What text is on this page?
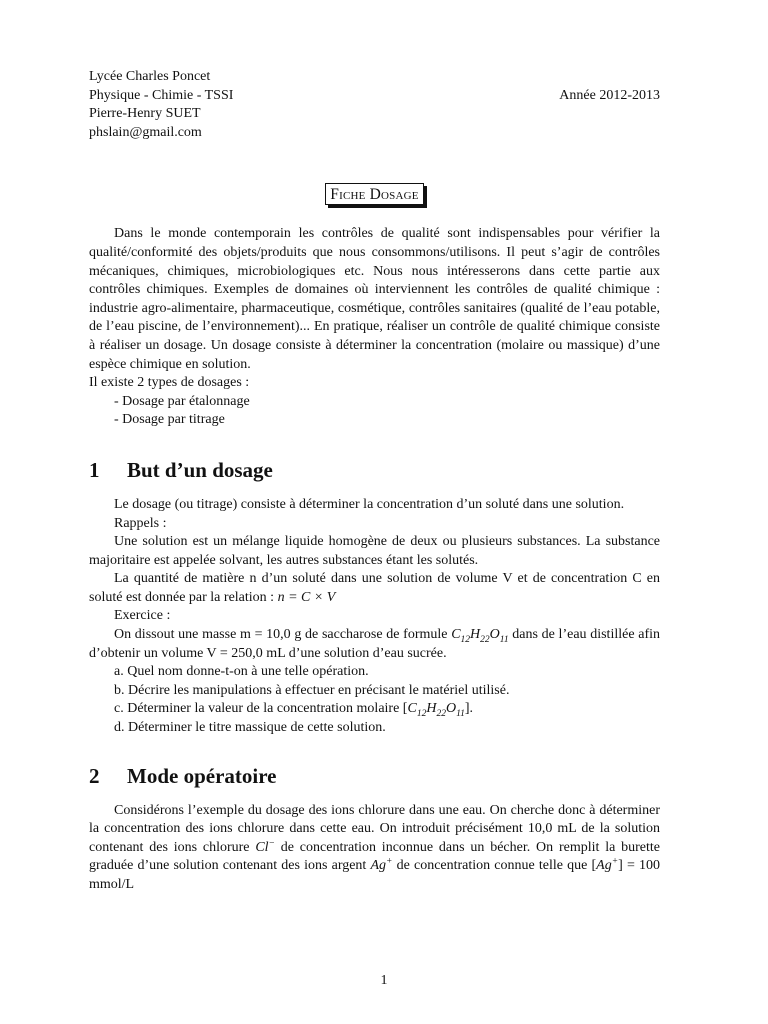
Lycée Charles Poncet
Physique - Chimie - TSSI
Pierre-Henry SUET
phslain@gmail.com
Année 2012-2013
Fiche Dosage

Dans le monde contemporain les contrôles de qualité sont indispensables pour vérifier la qualité/conformité des objets/produits que nous consommons/utilisons. Il peut s’agir de contrôles mécaniques, chimiques, microbiologiques etc. Nous nous intéresserons dans cette partie aux contrôles chimiques. Exemples de domaines où interviennent les contrôles de qualité chimique : industrie agro-alimentaire, pharmaceutique, cosmétique, contrôles sanitaires (qualité de l’eau potable, de l’eau piscine, de l’environnement)... En pratique, réaliser un contrôle de qualité chimique consiste à réaliser un dosage. Un dosage consiste à déterminer la concentration (molaire ou massique) d’une espèce chimique en solution.

Il existe 2 types de dosages :

- Dosage par étalonnage
- Dosage par titrage
1 But d’un dosage

Le dosage (ou titrage) consiste à déterminer la concentration d’un soluté dans une solution.

Rappels :

Une solution est un mélange liquide homogène de deux ou plusieurs substances. La substance majoritaire est appelée solvant, les autres substances étant les solutés.

La quantité de matière n d’un soluté dans une solution de volume V et de concentration C en soluté est donnée par la relation : n = C × V

Exercice :

On dissout une masse m = 10,0 g de saccharose de formule $C_{12}H_{22}O_{11}$ dans de l’eau distillée afin d’obtenir un volume V = 250,0 mL d’une solution d’eau sucrée.

a. Quel nom donne-t-on à une telle opération.
b. Décrire les manipulations à effectuer en précisant le matériel utilisé.
c. Déterminer la valeur de la concentration molaire $[C_{12}H_{22}O_{11}]$.
d. Déterminer le titre massique de cette solution.
2 Mode opératoire

Considérons l’exemple du dosage des ions chlorure dans une eau. On cherche donc à déterminer la concentration des ions chlorure dans cette eau. On introduit précisément 10,0 mL de la solution contenant des ions chlorure Cl− de concentration inconnue dans un bécher. On remplit la burette graduée d’une solution contenant des ions argent Ag+ de concentration connue telle que [Ag+] = 100 mmol/L

1
